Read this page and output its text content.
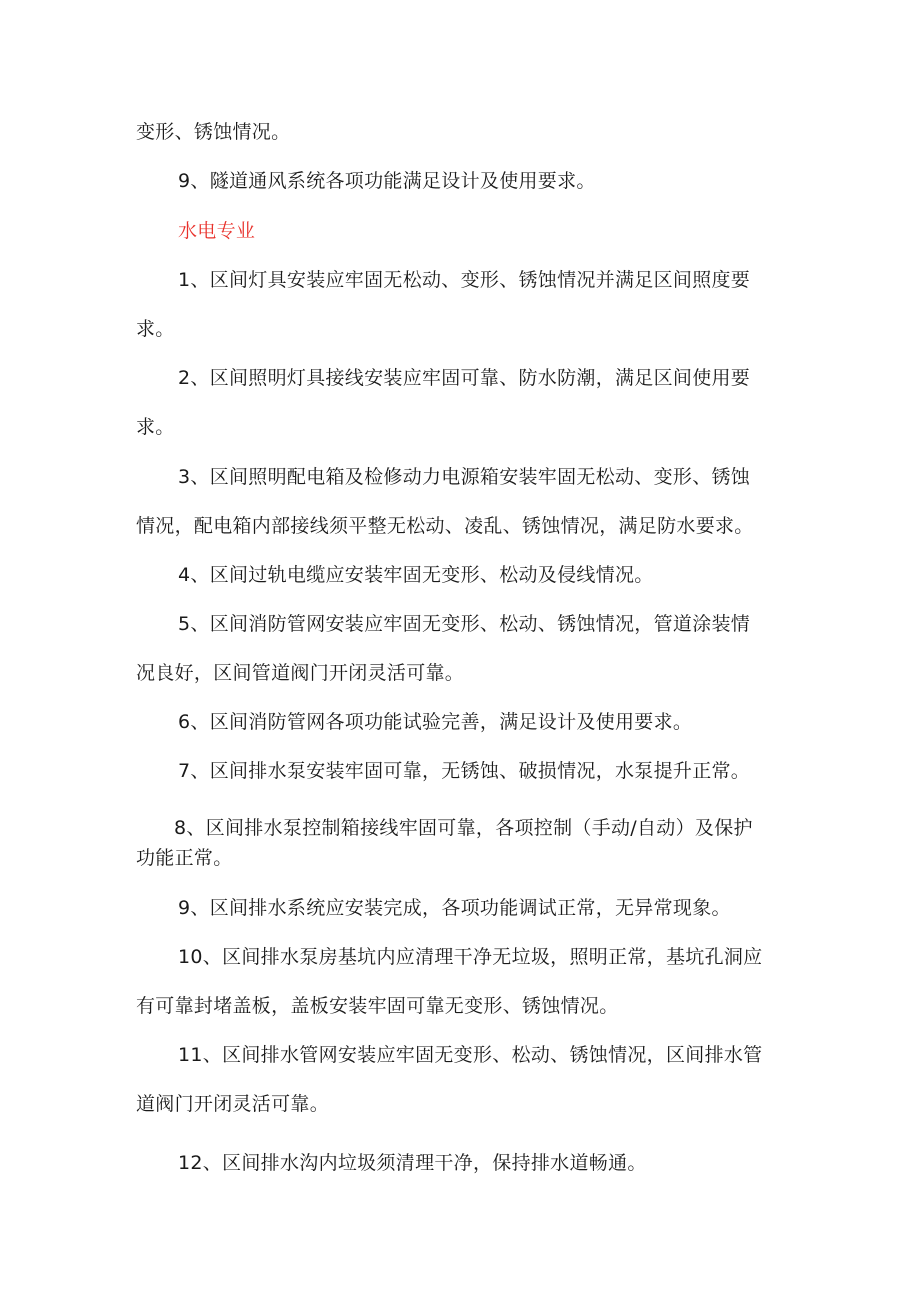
变形、锈蚀情况。
9、隧道通风系统各项功能满足设计及使用要求。
水电专业
1、区间灯具安装应牢固无松动、变形、锈蚀情况并满足区间照度要
求。
2、区间照明灯具接线安装应牢固可靠、防水防潮，满足区间使用要
求。
3、区间照明配电箱及检修动力电源箱安装牢固无松动、变形、锈蚀
情况，配电箱内部接线须平整无松动、凌乱、锈蚀情况，满足防水要求。
4、区间过轨电缆应安装牢固无变形、松动及侵线情况。
5、区间消防管网安装应牢固无变形、松动、锈蚀情况，管道涂装情
况良好，区间管道阀门开闭灵活可靠。
6、区间消防管网各项功能试验完善，满足设计及使用要求。
7、区间排水泵安装牢固可靠，无锈蚀、破损情况，水泵提升正常。
8、区间排水泵控制箱接线牢固可靠，各项控制（手动/自动）及保护
功能正常。
9、区间排水系统应安装完成，各项功能调试正常，无异常现象。
10、区间排水泵房基坑内应清理干净无垃圾，照明正常，基坑孔洞应
有可靠封堵盖板，盖板安装牢固可靠无变形、锈蚀情况。
11、区间排水管网安装应牢固无变形、松动、锈蚀情况，区间排水管
道阀门开闭灵活可靠。
12、区间排水沟内垃圾须清理干净，保持排水道畅通。
